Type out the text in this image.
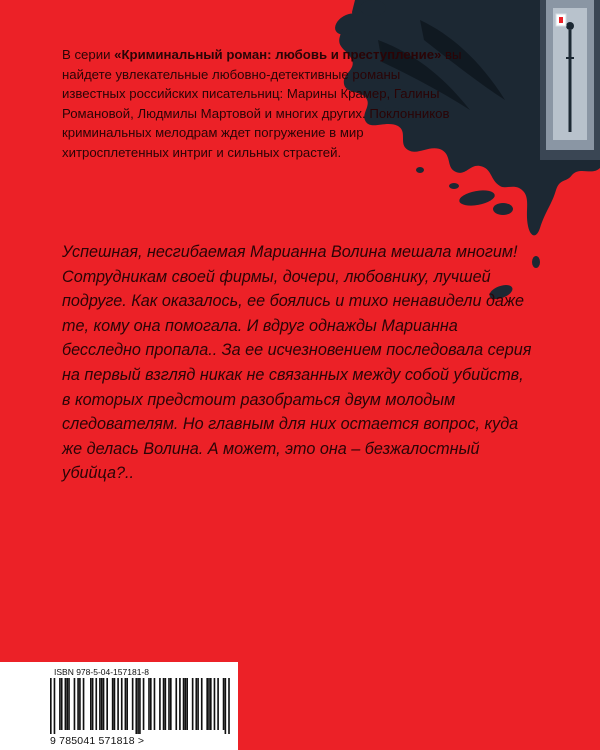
В серии «Криминальный роман: любовь и преступление» вы найдете увлекательные любовно-детективные романы известных российских писательниц: Марины Крамер, Галины Романовой, Людмилы Мартовой и многих других. Поклонников криминальных мелодрам ждет погружение в мир хитросплетенных интриг и сильных страстей.

Успешная, несгибаемая Марианна Волина мешала многим! Сотрудникам своей фирмы, дочери, любовнику, лучшей подруге. Как оказалось, ее боялись и тихо ненавидели даже те, кому она помогала. И вдруг однажды Марианна бесследно пропала.. За ее исчезновением последовала серия на первый взгляд никак не связанных между собой убийств, в которых предстоит разобраться двум молодым следователям. Но главным для них остается вопрос, куда же делась Волина. А может, это она – безжалостный убийца?..

ISBN 978-5-04-157181-8
9 785041 571818 >
